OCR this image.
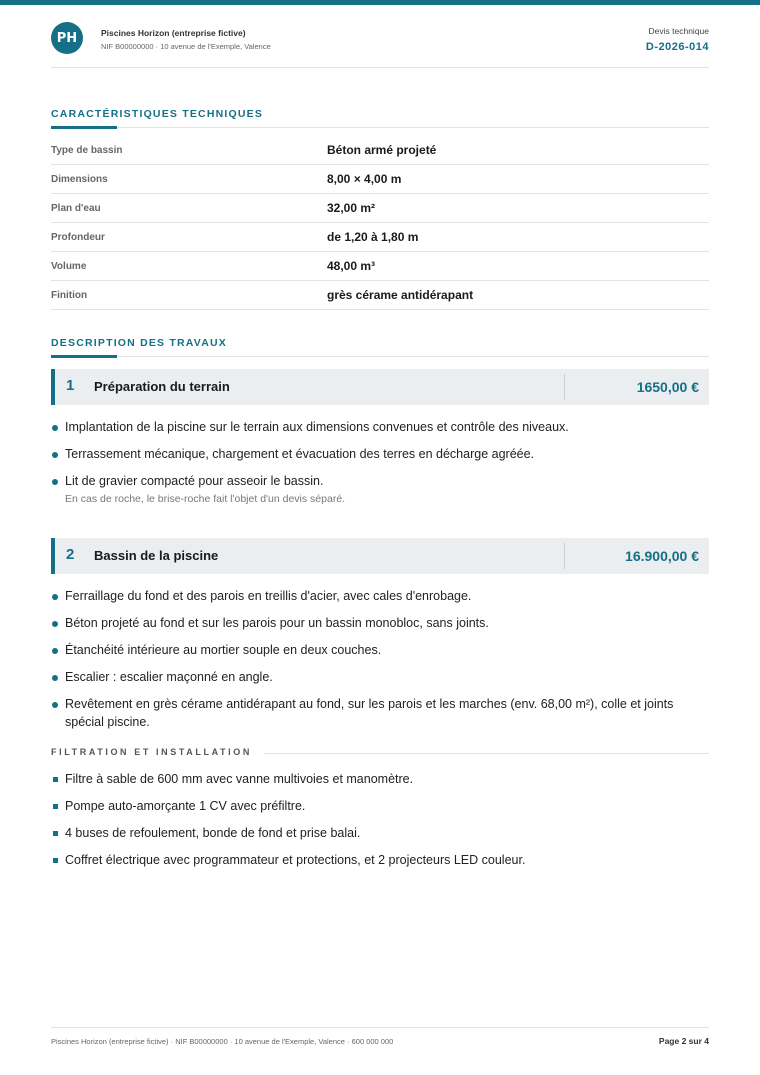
PH	Piscines Horizon (entreprise fictive)
NIF B00000000 · 10 avenue de l'Exemple, Valence
Devis technique
D-2026-014
CARACTÉRISTIQUES TECHNIQUES
Type de bassin	Béton armé projeté
Dimensions	8,00 × 4,00 m
Plan d'eau	32,00 m²
Profondeur	de 1,20 à 1,80 m
Volume	48,00 m³
Finition	grès cérame antidérapant
DESCRIPTION DES TRAVAUX
1 Préparation du terrain	1650,00 €
Implantation de la piscine sur le terrain aux dimensions convenues et contrôle des niveaux.
Terrassement mécanique, chargement et évacuation des terres en décharge agréée.
Lit de gravier compacté pour asseoir le bassin.
En cas de roche, le brise-roche fait l'objet d'un devis séparé.
2 Bassin de la piscine	16.900,00 €
Ferraillage du fond et des parois en treillis d'acier, avec cales d'enrobage.
Béton projeté au fond et sur les parois pour un bassin monobloc, sans joints.
Étanchéité intérieure au mortier souple en deux couches.
Escalier : escalier maçonné en angle.
Revêtement en grès cérame antidérapant au fond, sur les parois et les marches (env. 68,00 m²), colle et joints spécial piscine.
FILTRATION ET INSTALLATION
Filtre à sable de 600 mm avec vanne multivoies et manomètre.
Pompe auto-amorçante 1 CV avec préfiltre.
4 buses de refoulement, bonde de fond et prise balai.
Coffret électrique avec programmateur et protections, et 2 projecteurs LED couleur.
Piscines Horizon (entreprise fictive) · NIF B00000000 · 10 avenue de l'Exemple, Valence · 600 000 000	Page 2 sur 4
